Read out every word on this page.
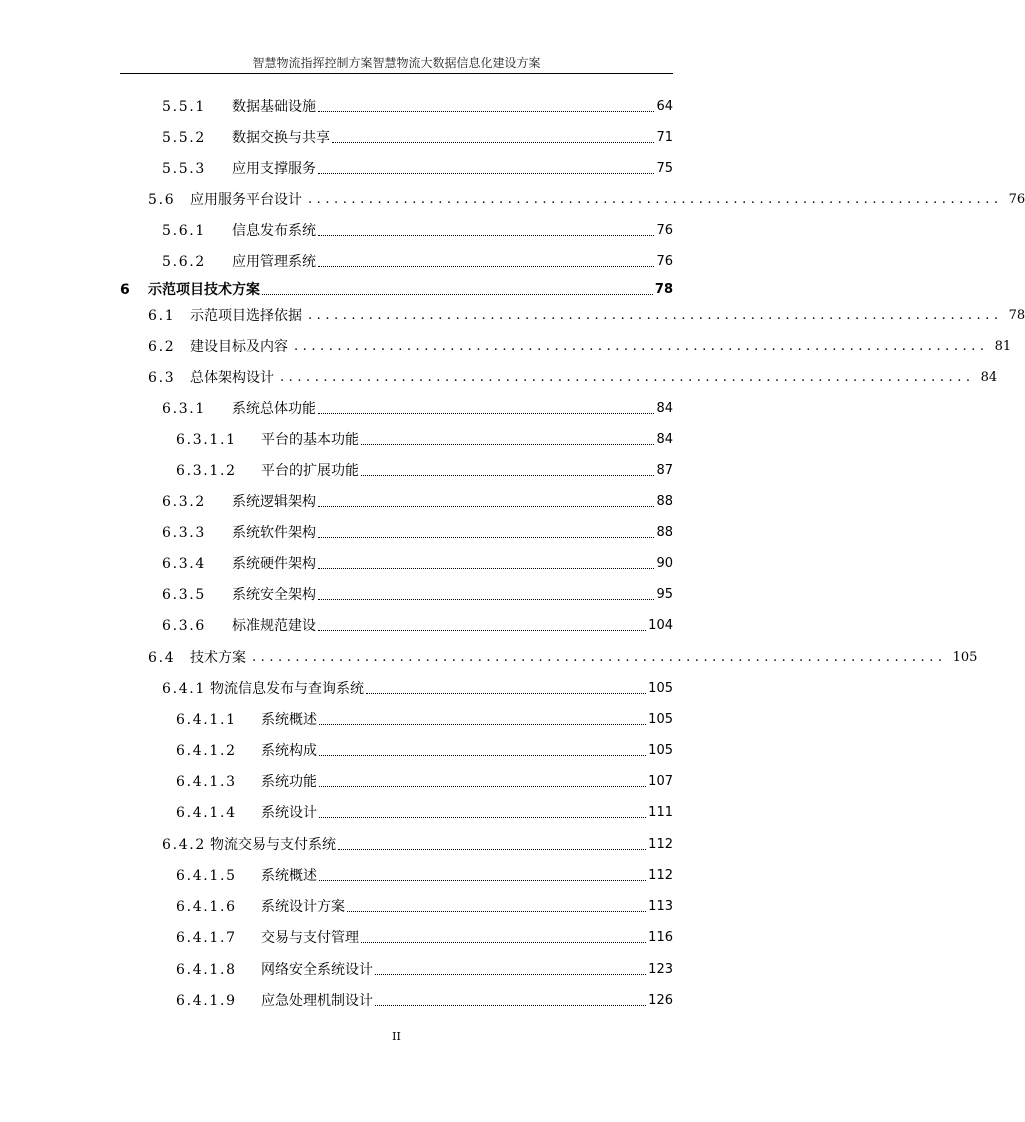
智慧物流指挥控制方案智慧物流大数据信息化建设方案
5.5.1	数据基础设施	64
5.5.2	数据交换与共享	71
5.5.3	应用支撑服务	75
5.6	应用服务平台设计 ................................................................................ 76
5.6.1	信息发布系统	76
5.6.2	应用管理系统	76
6	示范项目技术方案	78
6.1	示范项目选择依据 ................................................................................ 78
6.2	建设目标及内容 ................................................................................ 81
6.3	总体架构设计 ................................................................................ 84
6.3.1	系统总体功能	84
6.3.1.1	平台的基本功能	84
6.3.1.2	平台的扩展功能	87
6.3.2	系统逻辑架构	88
6.3.3	系统软件架构	88
6.3.4	系统硬件架构	90
6.3.5	系统安全架构	95
6.3.6	标准规范建设	104
6.4	技术方案 ................................................................................ 105
6.4.1 物流信息发布与查询系统	105
6.4.1.1	系统概述	105
6.4.1.2	系统构成	105
6.4.1.3	系统功能	107
6.4.1.4	系统设计	111
6.4.2 物流交易与支付系统	112
6.4.1.5	系统概述	112
6.4.1.6	系统设计方案	113
6.4.1.7	交易与支付管理	116
6.4.1.8	网络安全系统设计	123
6.4.1.9	应急处理机制设计	126
II
